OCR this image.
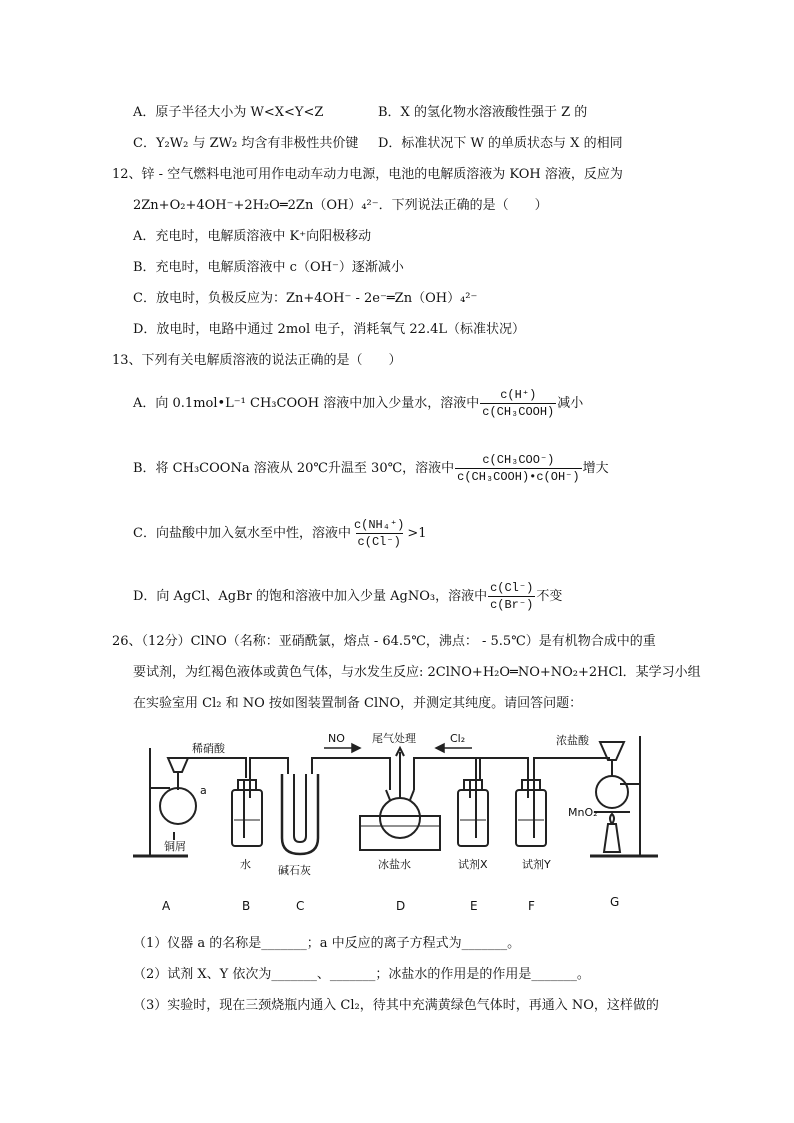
A．原子半径大小为 W<X<Y<Z	B．X 的氢化物水溶液酸性强于 Z 的
C．Y₂W₂ 与 ZW₂ 均含有非极性共价键 D．标准状况下 W 的单质状态与 X 的相同
12、锌 - 空气燃料电池可用作电动车动力电源，电池的电解质溶液为 KOH 溶液，反应为
2Zn+O₂+4OH⁻+2H₂O═2Zn（OH）₄²⁻．下列说法正确的是（　　）
A．充电时，电解质溶液中 K⁺向阳极移动
B．充电时，电解质溶液中 c（OH⁻）逐渐减小
C．放电时，负极反应为：Zn+4OH⁻ - 2e⁻═Zn（OH）₄²⁻
D．放电时，电路中通过 2mol 电子，消耗氧气 22.4L（标准状况）
13、下列有关电解质溶液的说法正确的是（　　）
A．向 0.1mol•L⁻¹ CH₃COOH 溶液中加入少量水，溶液中 $\frac{c(H^+)}{\text{c(CH₃COOH)}}$ 减小
B．将 CH₃COONa 溶液从 20℃升温至 30℃，溶液中 $\frac{\text{c(CH₃COO⁻)}}{\text{c(CH₃COOH)•c(OH⁻)}}$ 增大
C．向盐酸中加入氨水至中性，溶液中 $\frac{\text{c(NH₄⁺)}}{c(Cl^-)} >1$
D．向 AgCl、AgBr 的饱和溶液中加入少量 AgNO₃，溶液中 $\frac{c(Cl^-)}{c(Br^-)}$ 不变
26、（12分）ClNO（名称：亚硝酰氯，熔点 - 64.5℃，沸点： - 5.5℃）是有机物合成中的重
要试剂，为红褐色液体或黄色气体，与水发生反应: 2ClNO+H₂O═NO+NO₂+2HCl．某学习小组
在实验室用 Cl₂ 和 NO 按如图装置制备 ClNO，并测定其纯度。请回答问题：
稀硝酸
a
铜屑
水 碱石灰
NO 尾气处理	Cl₂
冰盐水	试剂X	试剂Y
浓盐酸
MnO₂
A	B	C	D	E	F	G
（1）仪器 a 的名称是_______；a 中反应的离子方程式为_______。
（2）试剂 X、Y 依次为_______、_______；冰盐水的作用是的作用是_______。
（3）实验时，现在三颈烧瓶内通入 Cl₂，待其中充满黄绿色气体时，再通入 NO，这样做的
